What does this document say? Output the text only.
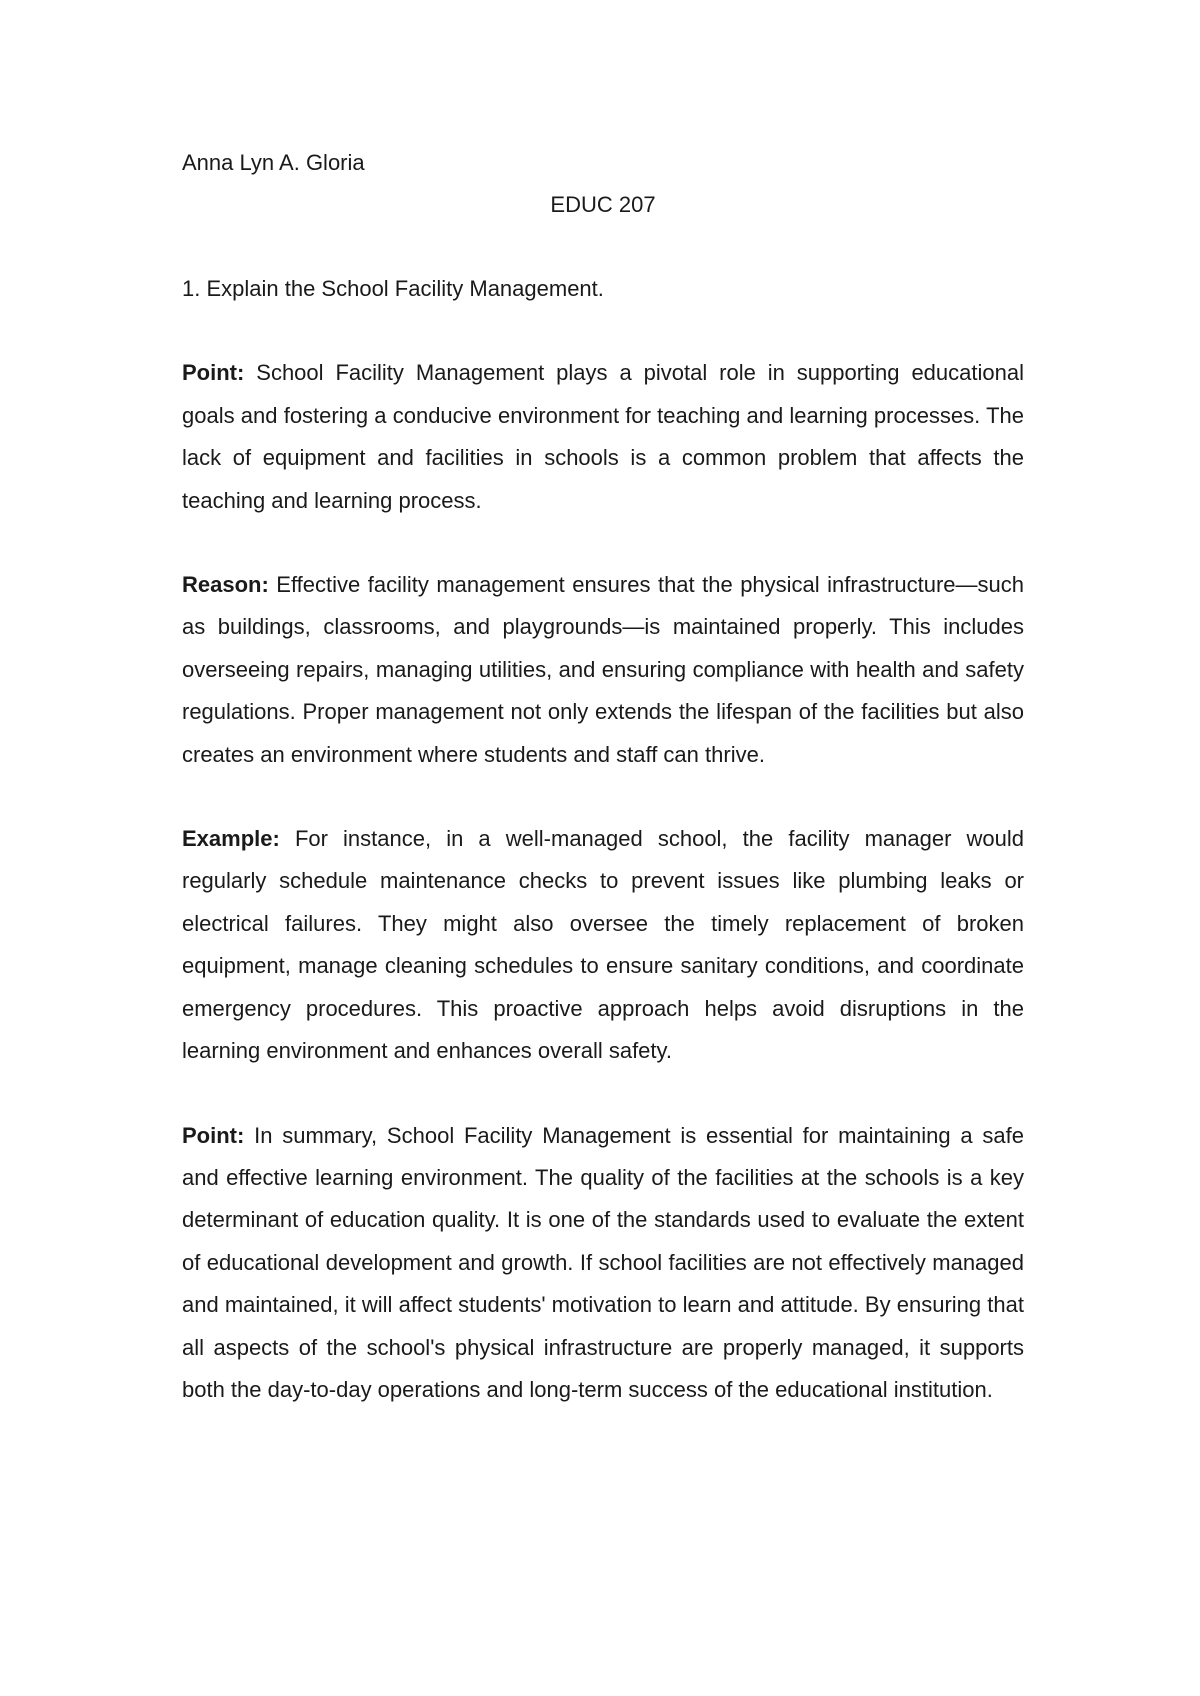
Anna Lyn A. Gloria

EDUC 207

1. Explain the School Facility Management.

Point: School Facility Management plays a pivotal role in supporting educational goals and fostering a conducive environment for teaching and learning processes. The lack of equipment and facilities in schools is a common problem that affects the teaching and learning process.

Reason: Effective facility management ensures that the physical infrastructure—such as buildings, classrooms, and playgrounds—is maintained properly. This includes overseeing repairs, managing utilities, and ensuring compliance with health and safety regulations. Proper management not only extends the lifespan of the facilities but also creates an environment where students and staff can thrive.

Example: For instance, in a well-managed school, the facility manager would regularly schedule maintenance checks to prevent issues like plumbing leaks or electrical failures. They might also oversee the timely replacement of broken equipment, manage cleaning schedules to ensure sanitary conditions, and coordinate emergency procedures. This proactive approach helps avoid disruptions in the learning environment and enhances overall safety.

Point: In summary, School Facility Management is essential for maintaining a safe and effective learning environment. The quality of the facilities at the schools is a key determinant of education quality. It is one of the standards used to evaluate the extent of educational development and growth. If school facilities are not effectively managed and maintained, it will affect students' motivation to learn and attitude. By ensuring that all aspects of the school's physical infrastructure are properly managed, it supports both the day-to-day operations and long-term success of the educational institution.
